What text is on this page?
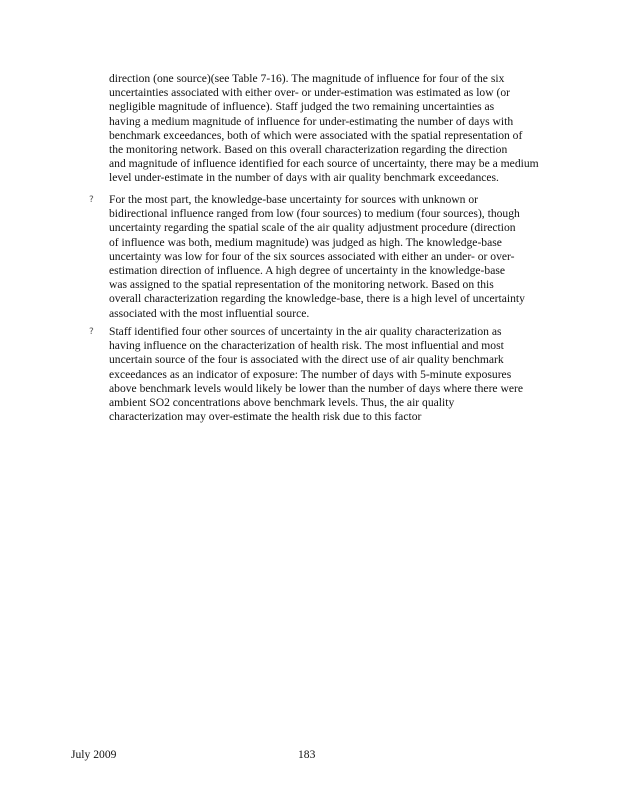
direction (one source)(see Table 7-16). The magnitude of influence for four of the six
uncertainties associated with either over- or under-estimation was estimated as low (or
negligible magnitude of influence). Staff judged the two remaining uncertainties as
having a medium magnitude of influence for under-estimating the number of days with
benchmark exceedances, both of which were associated with the spatial representation of
the monitoring network. Based on this overall characterization regarding the direction
and magnitude of influence identified for each source of uncertainty, there may be a medium
level under-estimate in the number of days with air quality benchmark exceedances.
? For the most part, the knowledge-base uncertainty for sources with unknown or
bidirectional influence ranged from low (four sources) to medium (four sources), though
uncertainty regarding the spatial scale of the air quality adjustment procedure (direction
of influence was both, medium magnitude) was judged as high. The knowledge-base
uncertainty was low for four of the six sources associated with either an under- or over-
estimation direction of influence. A high degree of uncertainty in the knowledge-base
was assigned to the spatial representation of the monitoring network. Based on this
overall characterization regarding the knowledge-base, there is a high level of uncertainty
associated with the most influential source.
? Staff identified four other sources of uncertainty in the air quality characterization as
having influence on the characterization of health risk. The most influential and most
uncertain source of the four is associated with the direct use of air quality benchmark
exceedances as an indicator of exposure: The number of days with 5-minute exposures
above benchmark levels would likely be lower than the number of days where there were
ambient SO2 concentrations above benchmark levels. Thus, the air quality
characterization may over-estimate the health risk due to this factor
July 2009	183
